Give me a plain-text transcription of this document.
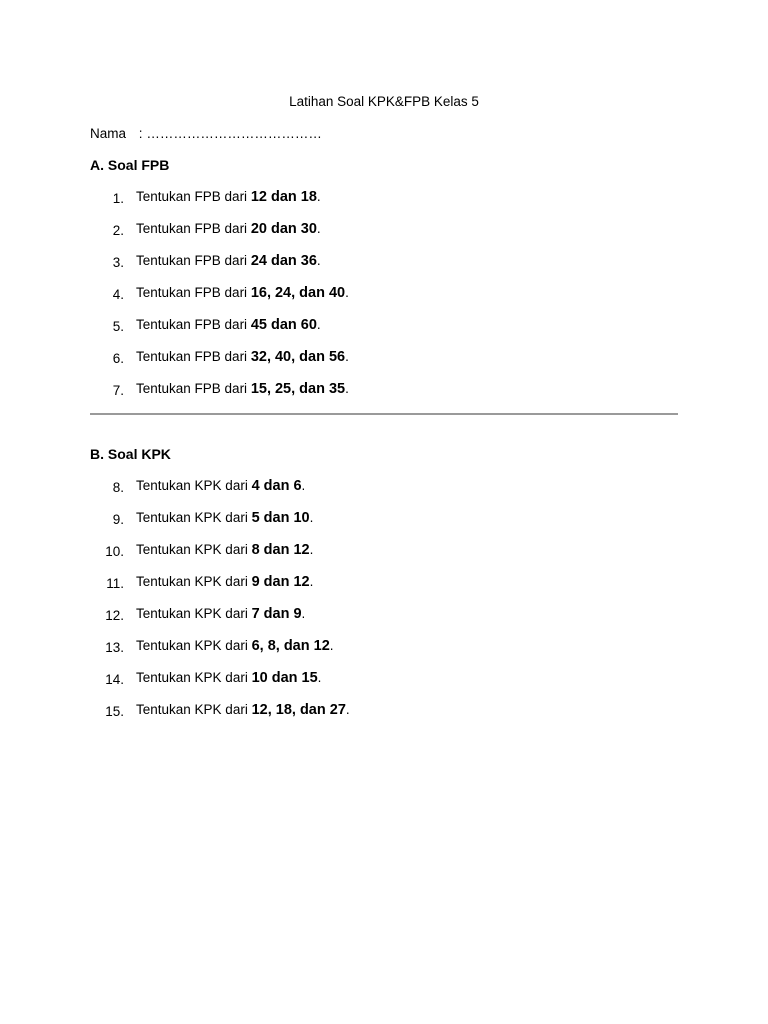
Latihan Soal KPK&FPB Kelas 5
Nama : …………………………………
A. Soal FPB
1. Tentukan FPB dari 12 dan 18.
2. Tentukan FPB dari 20 dan 30.
3. Tentukan FPB dari 24 dan 36.
4. Tentukan FPB dari 16, 24, dan 40.
5. Tentukan FPB dari 45 dan 60.
6. Tentukan FPB dari 32, 40, dan 56.
7. Tentukan FPB dari 15, 25, dan 35.
B. Soal KPK
8. Tentukan KPK dari 4 dan 6.
9. Tentukan KPK dari 5 dan 10.
10. Tentukan KPK dari 8 dan 12.
11. Tentukan KPK dari 9 dan 12.
12. Tentukan KPK dari 7 dan 9.
13. Tentukan KPK dari 6, 8, dan 12.
14. Tentukan KPK dari 10 dan 15.
15. Tentukan KPK dari 12, 18, dan 27.
